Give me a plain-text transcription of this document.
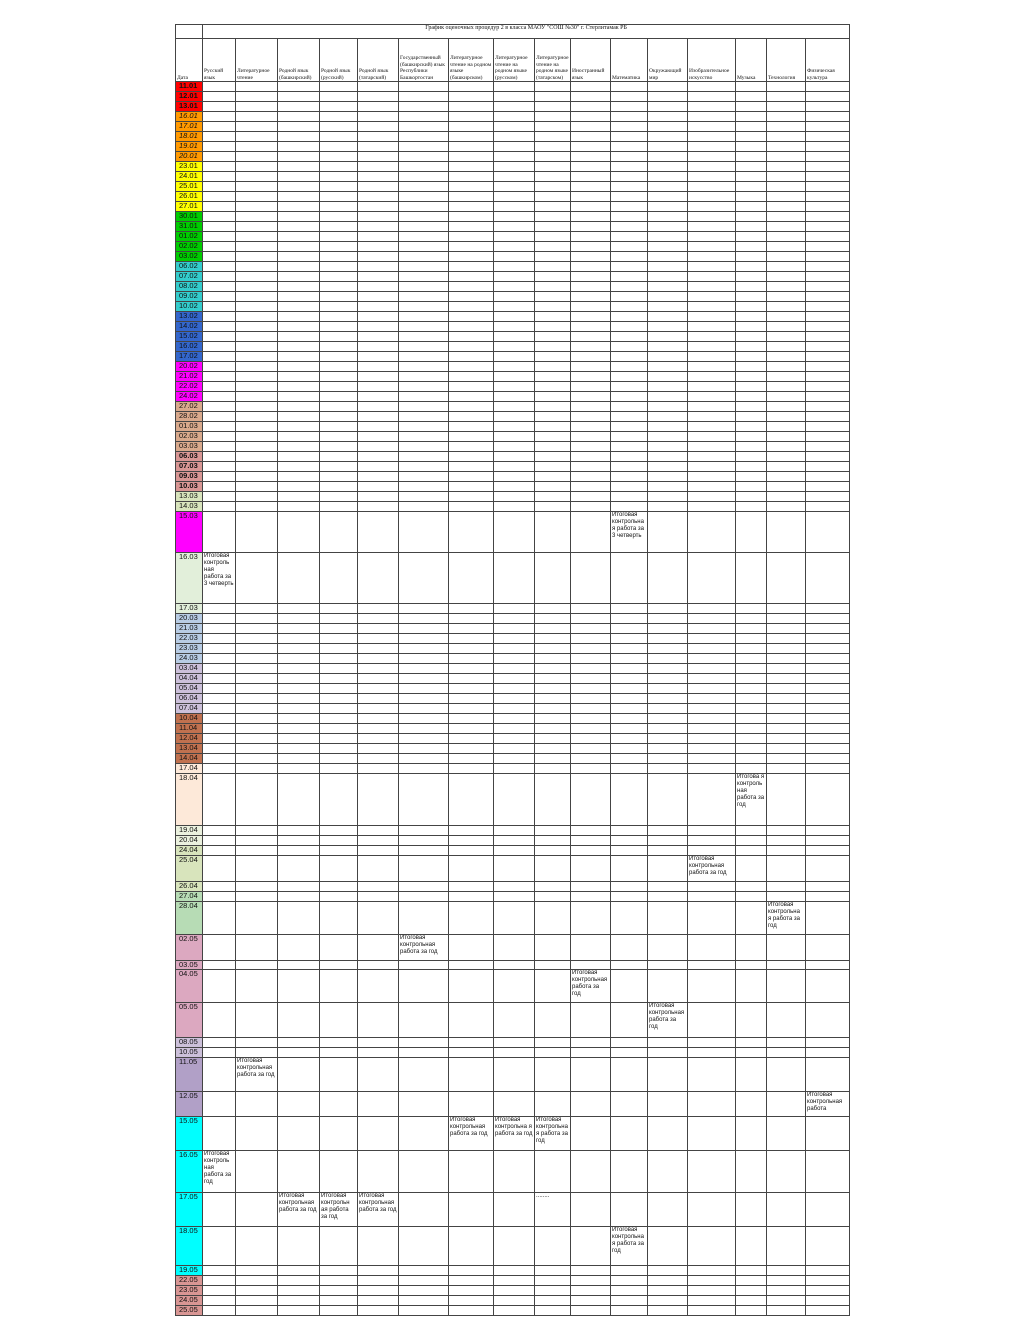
	График оценочных процедур 2 в класса МАОУ "СОШ №30" г. Стерлитамак РБ															
Дата	Русский язык	Литературное чтение	Родной язык (башкирский)	Родной язык (русский)	Родной язык (татарский)	Государственный (башкирский) язык Республики Башкортостан	Литературное чтение на родном языке (башкирском)	Литературное чтение на родном языке (русском)	Литературное чтение на родном языке (татарском)	Иностранный язык	Математика	Окружающий мир	Изобразительное искусство	Музыка	Технология	Физическая культура
11.01																
12.01																
13.01																
16.01																
17.01																
18.01																
19.01																
20.01																
23.01																
24.01																
25.01																
26.01																
27.01																
30.01																
31.01																
01.02																
02.02																
03.02																
06.02																
07.02																
08.02																
09.02																
10.02																
13.02																
14.02																
15.02																
16.02																
17.02																
20.02																
21.02																
22.02																
24.02																
27.02																
28.02																
01.03																
02.03																
03.03																
06.03																
07.03																
09.03																
10.03																
13.03																
14.03																
15.03											Итоговая контрольна я работа за 3 четверть					
16.03	Итоговая контроль ная работа за 3 четверть															
17.03																
20.03																
21.03																
22.03																
23.03																
24.03																
03.04																
04.04																
05.04																
06.04																
07.04																
10.04																
11.04																
12.04																
13.04																
14.04																
17.04																
18.04														Итогова я контроль ная работа за год		
19.04																
20.04																
24.04																
25.04													Итоговая контрольная работа за год			
26.04																
27.04																
28.04															Итоговая контрольна я работа за год	
02.05						Итоговая контрольная работа за год										
03.05																
04.05										Итоговая контрольная работа за год						
05.05												Итоговая контрольная работа за год				
08.05																
10.05																
11.05		Итоговая контрольная работа за год														
12.05																Итоговая контрольная работа
15.05							Итоговая контрольная работа за год	Итоговая контрольна я работа за год	Итоговая контрольна я работа за год							
16.05	Итоговая контроль ная работа за год															
17.05			Итоговая контрольная работа за год	Итоговая контрольн ая работа за год	Итоговая контрольная работа за год				........							
18.05											Итоговая контрольна я работа за год					
19.05																
22.05																
23.05																
24.05																
25.05																
